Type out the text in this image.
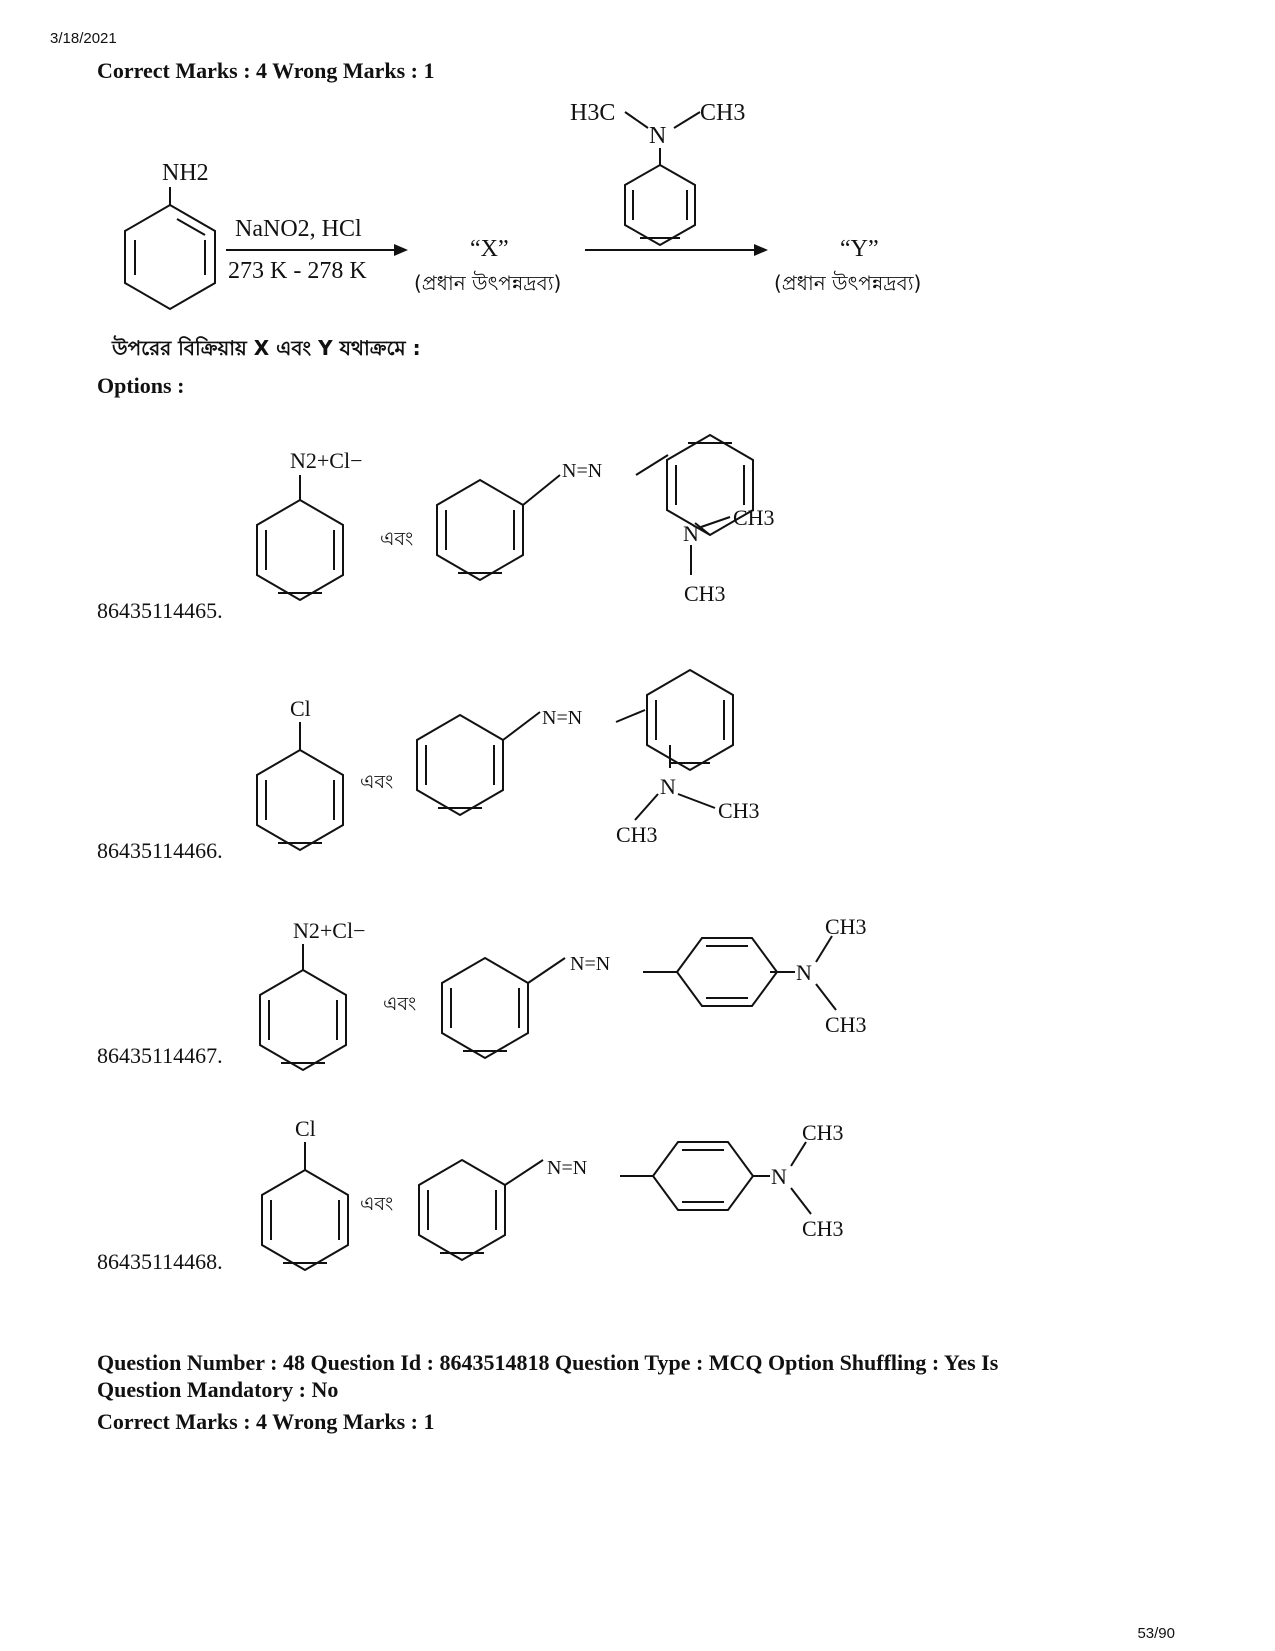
3/18/2021
Correct Marks : 4 Wrong Marks : 1
NH2
NaNO2, HCl
273 K - 278 K
“X”
(প্রধান উৎপন্নদ্রব্য)
H3C	CH3
N
“Y”
(প্রধান উৎপন্নদ্রব্য)
উপরের বিক্রিয়ায় X এবং Y যথাক্রমে :
Options :
N2+Cl−
এবং
N=N
N
CH3
CH3
86435114465.
Cl
এবং
N=N
N
CH3
CH3
86435114466.
N2+Cl−
এবং
N=N	N
CH3
CH3
86435114467.
Cl
এবং
N=N	N
CH3
CH3
86435114468.
Question Number : 48 Question Id : 8643514818 Question Type : MCQ Option Shuffling : Yes Is
Question Mandatory : No
Correct Marks : 4 Wrong Marks : 1
53/90
